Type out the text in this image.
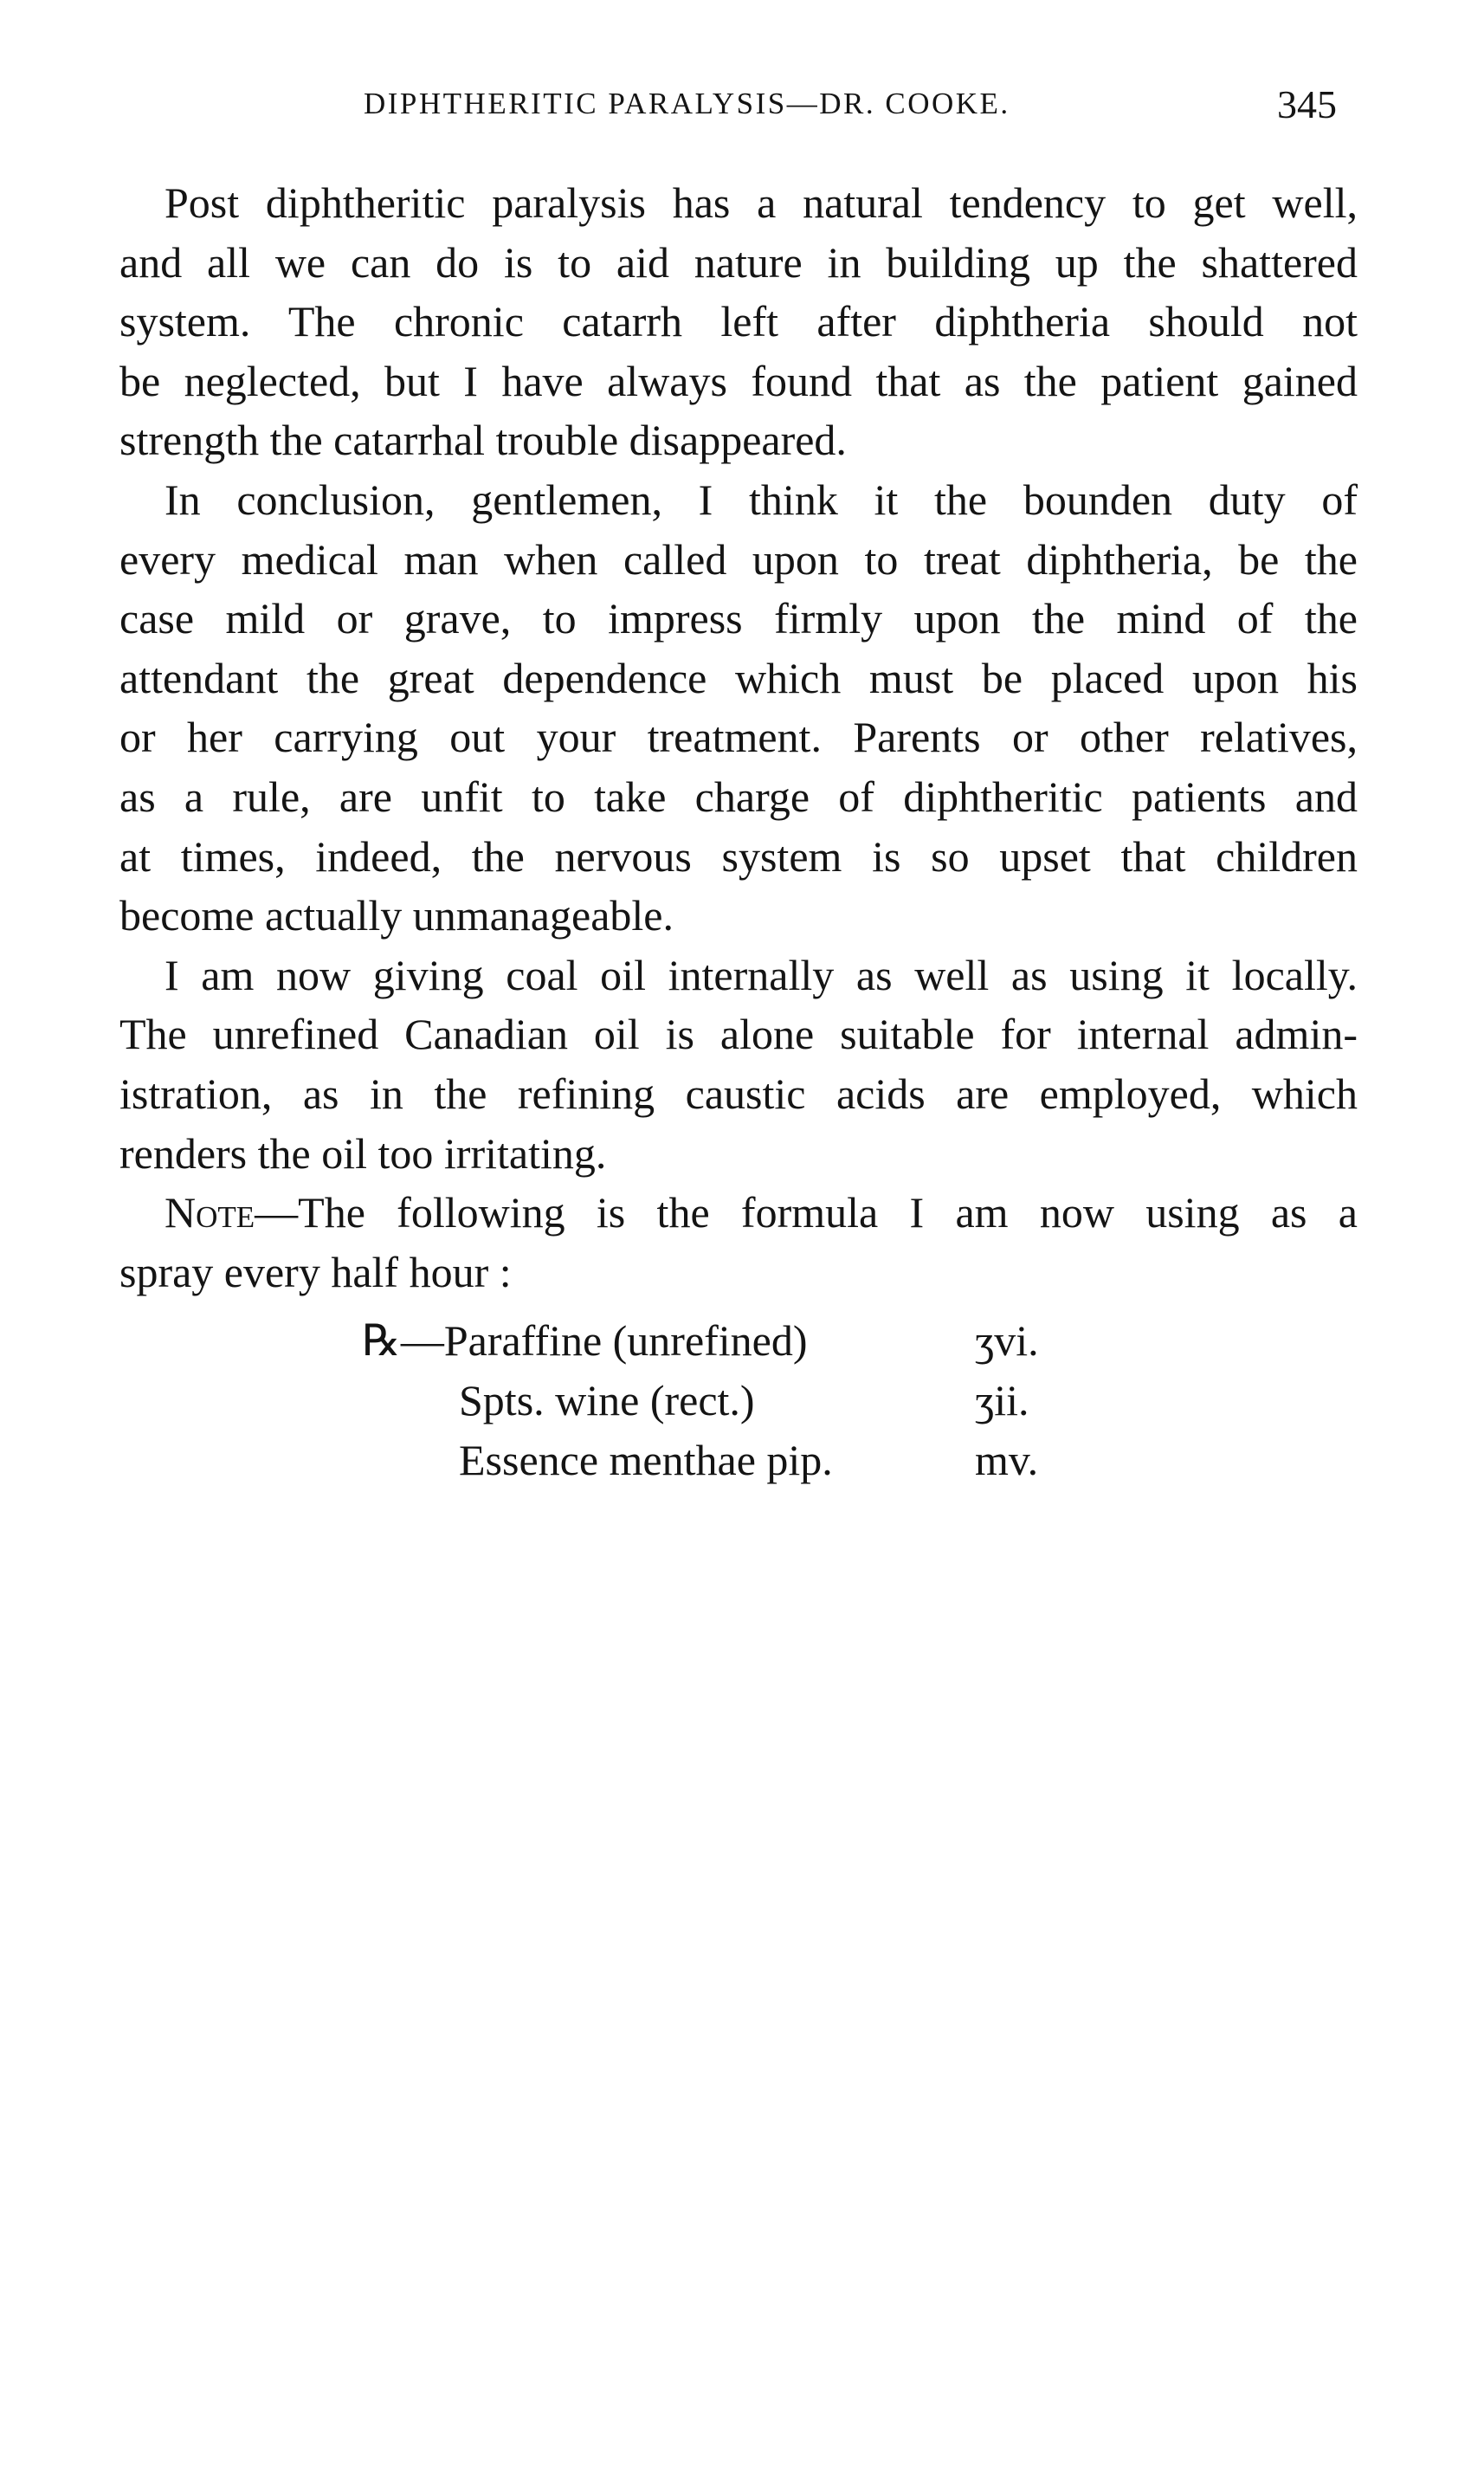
DIPHTHERITIC PARALYSIS—DR. COOKE.	345
Post diphtheritic paralysis has a natural tendency to get well,
and all we can do is to aid nature in building up the shattered
system. The chronic catarrh left after diphtheria should not
be neglected, but I have always found that as the patient gained
strength the catarrhal trouble disappeared.
In conclusion, gentlemen, I think it the bounden duty of
every medical man when called upon to treat diphtheria, be the
case mild or grave, to impress firmly upon the mind of the
attendant the great dependence which must be placed upon his
or her carrying out your treatment. Parents or other relatives,
as a rule, are unfit to take charge of diphtheritic patients and
at times, indeed, the nervous system is so upset that children
become actually unmanageable.
I am now giving coal oil internally as well as using it locally.
The unrefined Canadian oil is alone suitable for internal admin-
istration, as in the refining caustic acids are employed, which
renders the oil too irritating.
Note—The following is the formula I am now using as a
spray every half hour :
℞—Paraffine (unrefined)	ʒvi.
Spts. wine (rect.)	ʒii.
Essence menthae pip.	mv.
